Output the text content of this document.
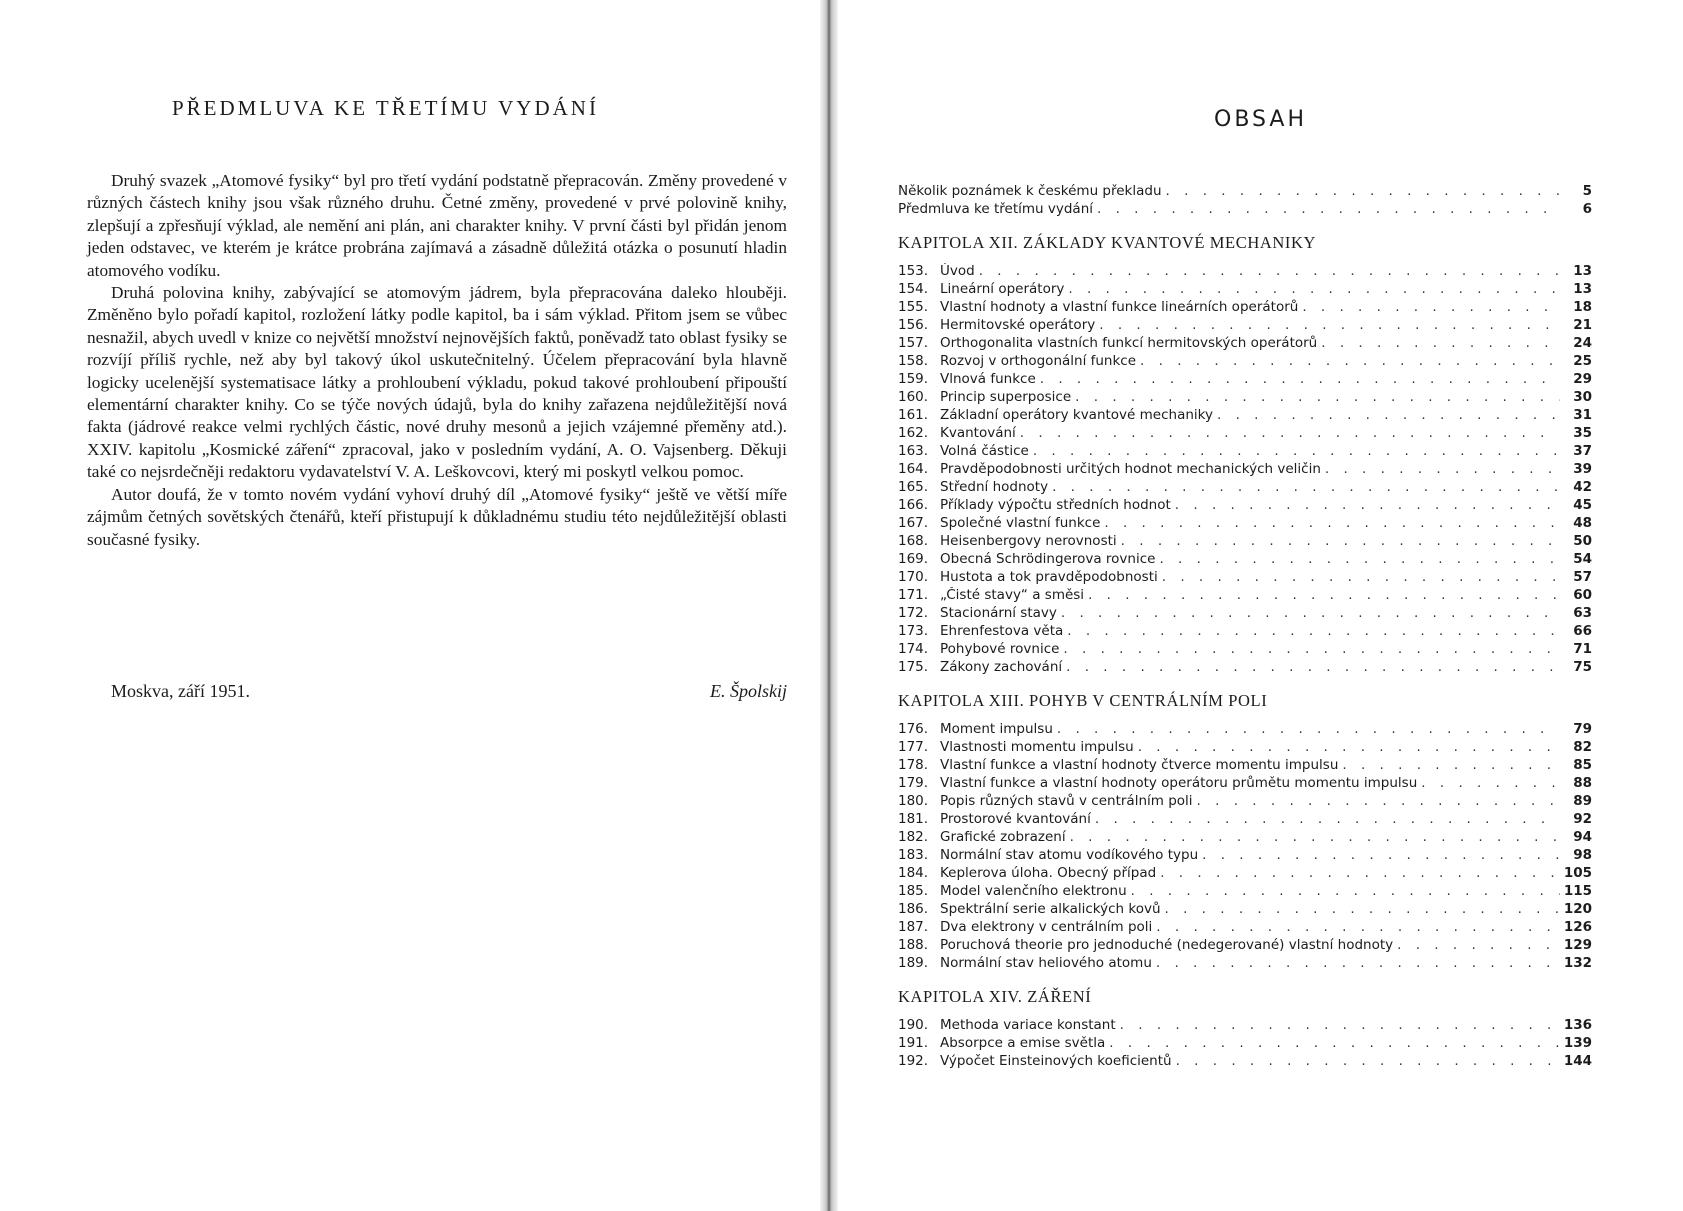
PŘEDMLUVA KE TŘETÍMU VYDÁNÍ

Druhý svazek „Atomové fysiky“ byl pro třetí vydání podstatně přepracován. Změny provedené v různých částech knihy jsou však různého druhu. Četné změny, provedené v prvé polovině knihy, zlepšují a zpřesňují výklad, ale nemění ani plán, ani charakter knihy. V první části byl přidán jenom jeden odstavec, ve kterém je krátce probrána zajímavá a zásadně důležitá otázka o posunutí hladin atomového vodíku.

Druhá polovina knihy, zabývající se atomovým jádrem, byla přepracována daleko hlouběji. Změněno bylo pořadí kapitol, rozložení látky podle kapitol, ba i sám výklad. Přitom jsem se vůbec nesnažil, abych uvedl v knize co největší množství nejnovějších faktů, poněvadž tato oblast fysiky se rozvíjí příliš rychle, než aby byl takový úkol uskutečnitelný. Účelem přepracování byla hlavně logicky ucelenější systematisace látky a prohloubení výkladu, pokud takové prohloubení připouští elementární charakter knihy. Co se týče nových údajů, byla do knihy zařazena nejdůležitější nová fakta (jádrové reakce velmi rychlých částic, nové druhy mesonů a jejich vzájemné přeměny atd.). XXIV. kapitolu „Kosmické záření“ zpracoval, jako v posledním vydání, A. O. Vajsenberg. Děkuji také co nejsrdečněji redaktoru vydavatelství V. A. Leškovcovi, který mi poskytl velkou pomoc.

Autor doufá, že v tomto novém vydání vyhoví druhý díl „Atomové fysiky“ ještě ve větší míře zájmům četných sovětských čtenářů, kteří přistupují k důkladnému studiu této nejdůležitější oblasti současné fysiky.

Moskva, září 1951.	E. Špolskij
OBSAH
Několik poznámek k českému překladu . . .	5
Předmluva ke třetímu vydání . . .	6
KAPITOLA XII. ZÁKLADY KVANTOVÉ MECHANIKY
153. Úvod . . .	13
154. Lineární operátory . . .	13
155. Vlastní hodnoty a vlastní funkce lineárních operátorů . . .	18
156. Hermitovské operátory . . .	21
157. Orthogonalita vlastních funkcí hermitovských operátorů . . .	24
158. Rozvoj v orthogonální funkce . . .	25
159. Vlnová funkce . . .	29
160. Princip superposice . . .	30
161. Základní operátory kvantové mechaniky . . .	31
162. Kvantování . . .	35
163. Volná částice . . .	37
164. Pravděpodobnosti určitých hodnot mechanických veličin . . .	39
165. Střední hodnoty . . .	42
166. Příklady výpočtu středních hodnot . . .	45
167. Společné vlastní funkce . . .	48
168. Heisenbergovy nerovnosti . . .	50
169. Obecná Schrödingerova rovnice . . .	54
170. Hustota a tok pravděpodobnosti . . .	57
171. „Čisté stavy“ a směsi . . .	60
172. Stacionární stavy . . .	63
173. Ehrenfestova věta . . .	66
174. Pohybové rovnice . . .	71
175. Zákony zachování . . .	75
KAPITOLA XIII. POHYB V CENTRÁLNÍM POLI
176. Moment impulsu . . .	79
177. Vlastnosti momentu impulsu . . .	82
178. Vlastní funkce a vlastní hodnoty čtverce momentu impulsu . . .	85
179. Vlastní funkce a vlastní hodnoty operátoru průmětu momentu impulsu . . .	88
180. Popis různých stavů v centrálním poli . . .	89
181. Prostorové kvantování . . .	92
182. Grafické zobrazení . . .	94
183. Normální stav atomu vodíkového typu . . .	98
184. Keplerova úloha. Obecný případ . . .	105
185. Model valenčního elektronu . . .	115
186. Spektrální serie alkalických kovů . . .	120
187. Dva elektrony v centrálním poli . . .	126
188. Poruchová theorie pro jednoduché (nedegerované) vlastní hodnoty . . .	129
189. Normální stav heliového atomu . . .	132
KAPITOLA XIV. ZÁŘENÍ
190. Methoda variace konstant . . .	136
191. Absorpce a emise světla . . .	139
192. Výpočet Einsteinových koeficientů . . .	144
